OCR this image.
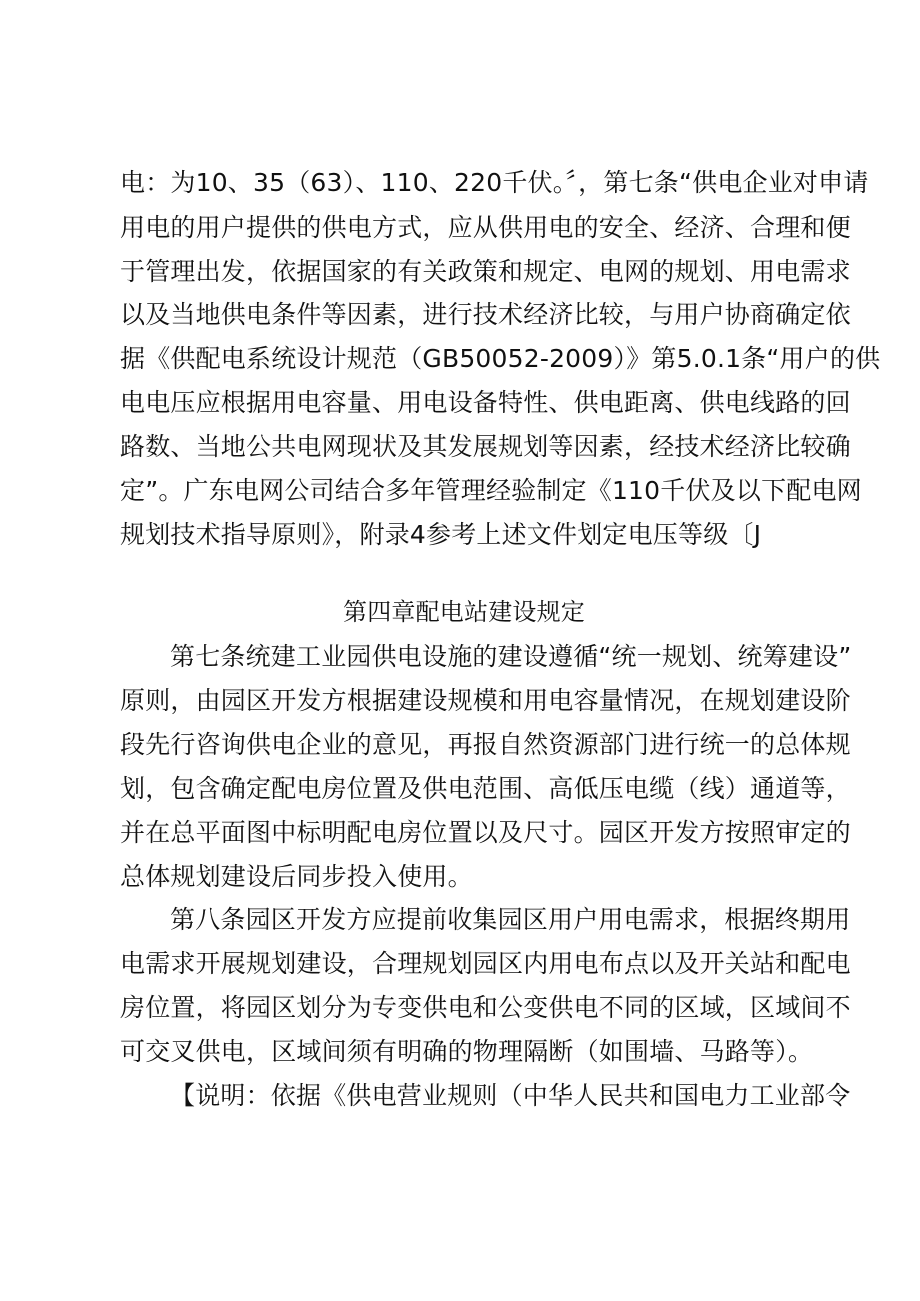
电：为10、35（63）、110、220千伏。〞，第七条“供电企业对申请
用电的用户提供的供电方式，应从供用电的安全、经济、合理和便
于管理出发，依据国家的有关政策和规定、电网的规划、用电需求
以及当地供电条件等因素，进行技术经济比较，与用户协商确定依
据《供配电系统设计规范（GB50052-2009）》第5.0.1条“用户的供
电电压应根据用电容量、用电设备特性、供电距离、供电线路的回
路数、当地公共电网现状及其发展规划等因素，经技术经济比较确
定”。广东电网公司结合多年管理经验制定《110千伏及以下配电网
规划技术指导原则》，附录4参考上述文件划定电压等级〔J
第四章配电站建设规定
第七条统建工业园供电设施的建设遵循“统一规划、统筹建设”
原则，由园区开发方根据建设规模和用电容量情况，在规划建设阶
段先行咨询供电企业的意见，再报自然资源部门进行统一的总体规
划，包含确定配电房位置及供电范围、高低压电缆（线）通道等，
并在总平面图中标明配电房位置以及尺寸。园区开发方按照审定的
总体规划建设后同步投入使用。
第八条园区开发方应提前收集园区用户用电需求，根据终期用
电需求开展规划建设，合理规划园区内用电布点以及开关站和配电
房位置，将园区划分为专变供电和公变供电不同的区域，区域间不
可交叉供电，区域间须有明确的物理隔断（如围墙、马路等）。
【说明：依据《供电营业规则（中华人民共和国电力工业部令
